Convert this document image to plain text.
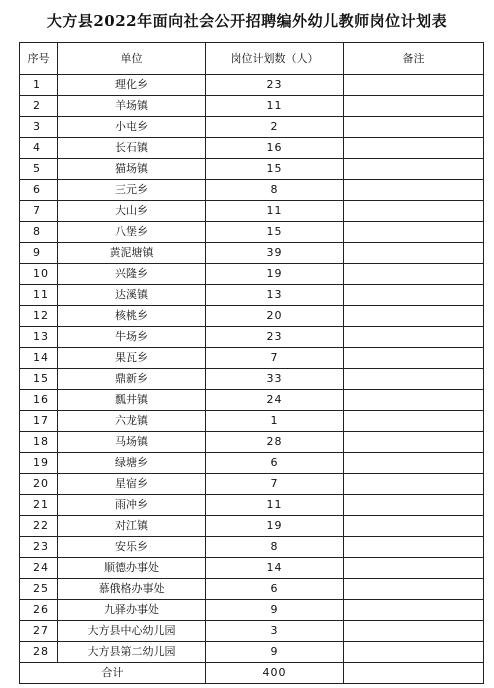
大方县2022年面向社会公开招聘编外幼儿教师岗位计划表
序号	单位	岗位计划数（人）	备注
1	理化乡	23	
2	羊场镇	11	
3	小屯乡	2	
4	长石镇	16	
5	猫场镇	15	
6	三元乡	8	
7	大山乡	11	
8	八堡乡	15	
9	黄泥塘镇	39	
10	兴隆乡	19	
11	达溪镇	13	
12	核桃乡	20	
13	牛场乡	23	
14	果瓦乡	7	
15	鼎新乡	33	
16	瓢井镇	24	
17	六龙镇	1	
18	马场镇	28	
19	绿塘乡	6	
20	星宿乡	7	
21	雨冲乡	11	
22	对江镇	19	
23	安乐乡	8	
24	顺德办事处	14	
25	慕俄格办事处	6	
26	九驿办事处	9	
27	大方县中心幼儿园	3	
28	大方县第二幼儿园	9	
合计		400	
